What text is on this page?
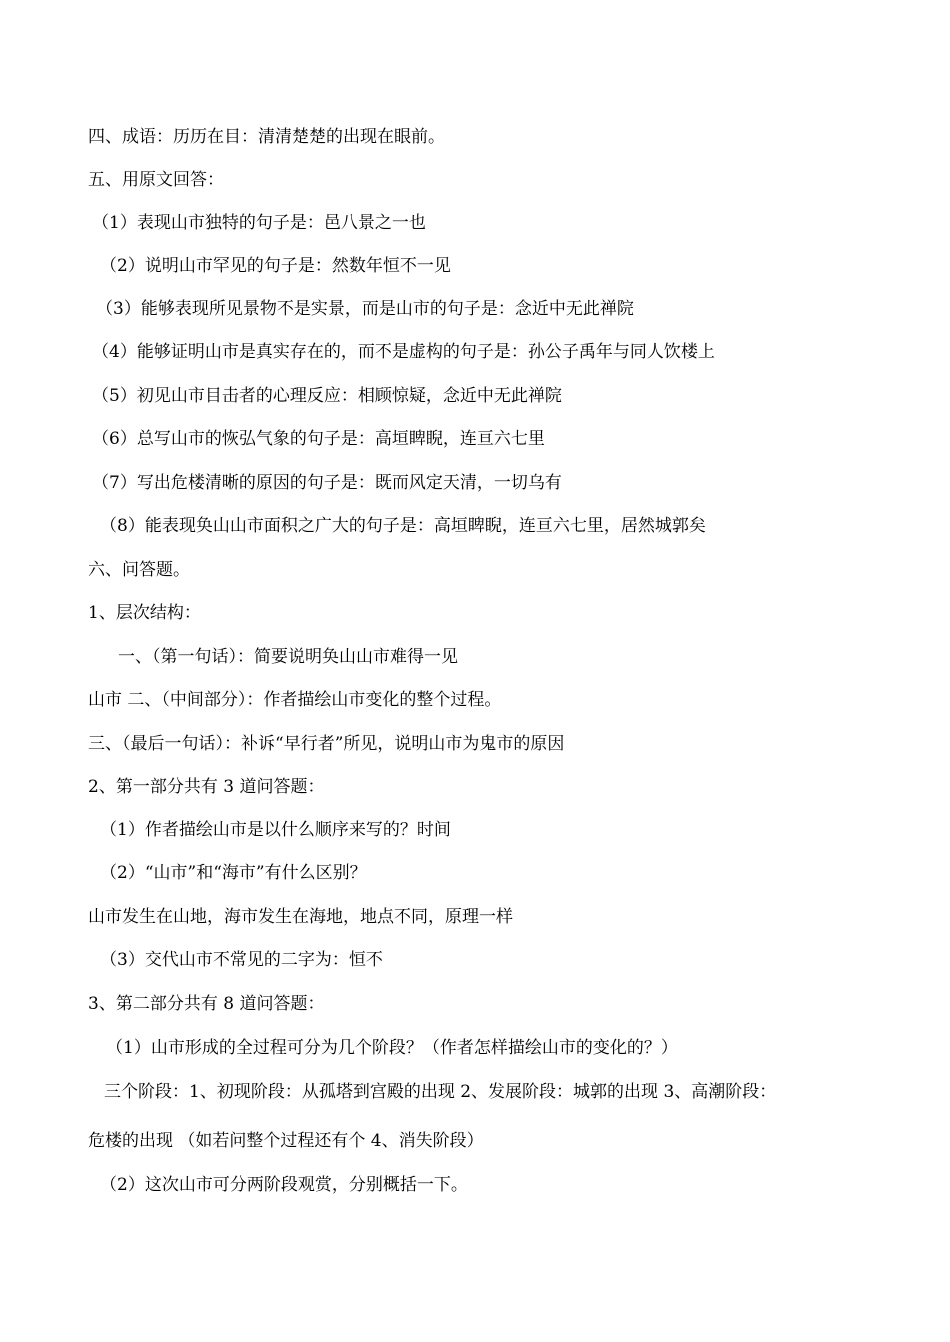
四、成语：历历在目：清清楚楚的出现在眼前。
五、用原文回答：
（1）表现山市独特的句子是：邑八景之一也
（2）说明山市罕见的句子是：然数年恒不一见
（3）能够表现所见景物不是实景，而是山市的句子是：念近中无此禅院
（4）能够证明山市是真实存在的，而不是虚构的句子是：孙公子禹年与同人饮楼上
（5）初见山市目击者的心理反应：相顾惊疑，念近中无此禅院
（6）总写山市的恢弘气象的句子是：高垣睥睨，连亘六七里
（7）写出危楼清晰的原因的句子是：既而风定天清，一切乌有
（8）能表现奂山山市面积之广大的句子是：高垣睥睨，连亘六七里，居然城郭矣
六、问答题。
1、层次结构：
一、（第一句话）：简要说明奂山山市难得一见
山市 二、（中间部分）：作者描绘山市变化的整个过程。
三、（最后一句话）：补诉“早行者”所见，说明山市为鬼市的原因
2、第一部分共有 3 道问答题：
（1）作者描绘山市是以什么顺序来写的？时间
（2）“山市”和“海市”有什么区别？
山市发生在山地，海市发生在海地，地点不同，原理一样
（3）交代山市不常见的二字为：恒不
3、第二部分共有 8 道问答题：
（1）山市形成的全过程可分为几个阶段？（作者怎样描绘山市的变化的？）
三个阶段：1、初现阶段：从孤塔到宫殿的出现 2、发展阶段：城郭的出现 3、高潮阶段：
危楼的出现 （如若问整个过程还有个 4、消失阶段）
（2）这次山市可分两阶段观赏，分别概括一下。
